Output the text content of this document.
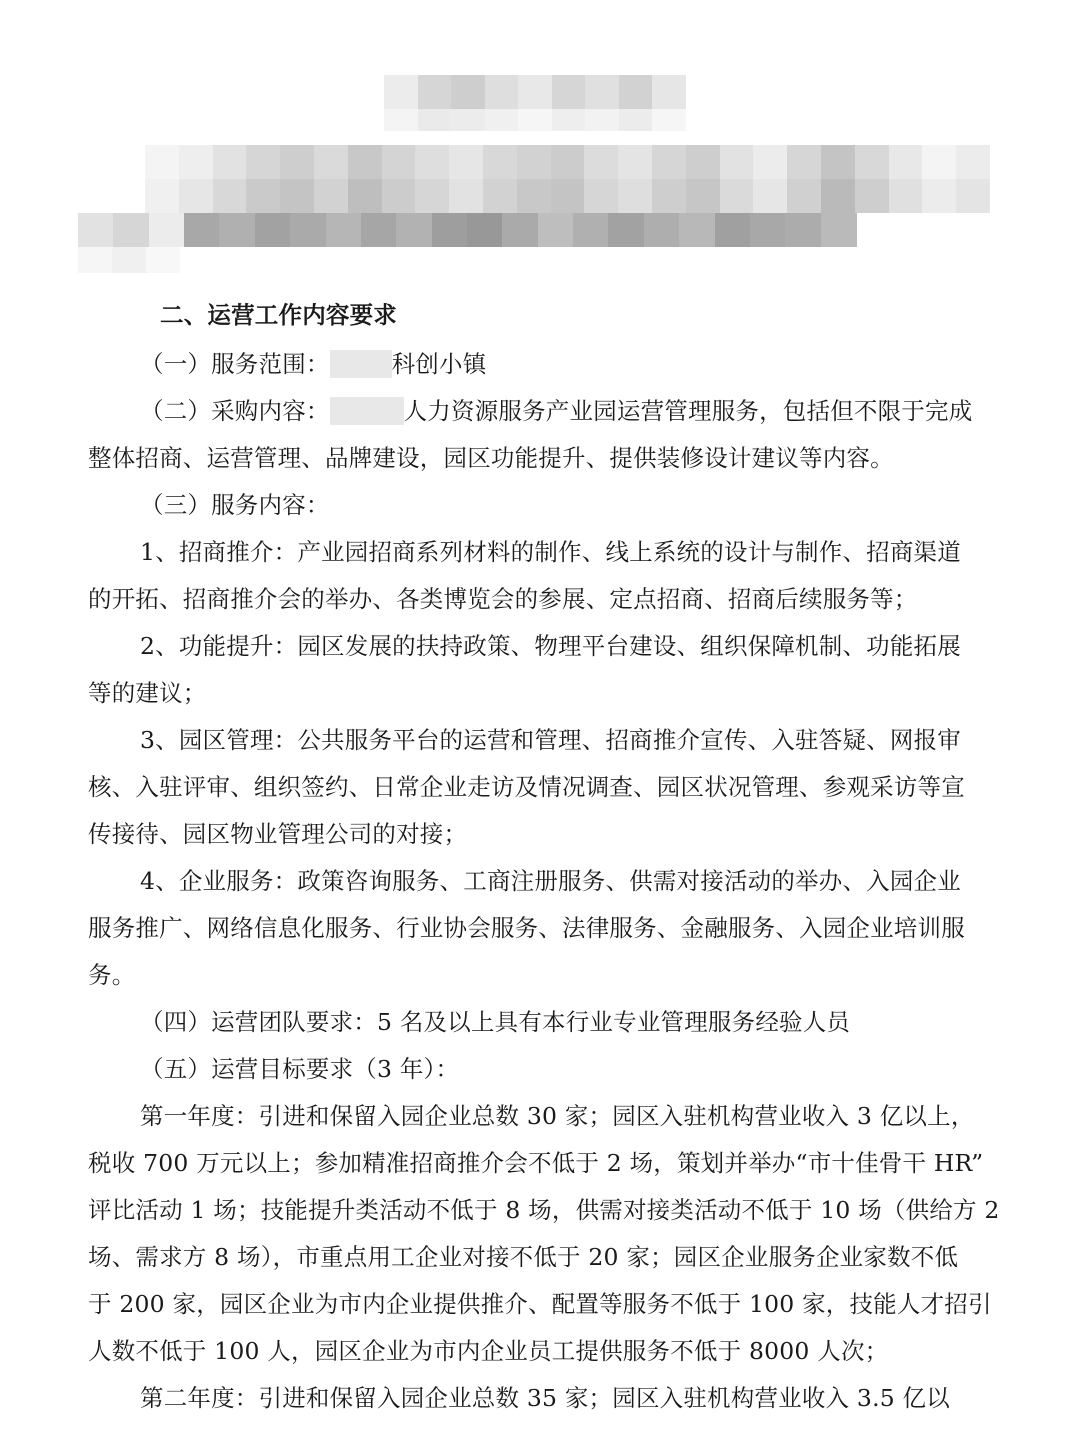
二、运营工作内容要求
（一）服务范围：	科创小镇
（二）采购内容：	人力资源服务产业园运营管理服务，包括但不限于完成
整体招商、运营管理、品牌建设，园区功能提升、提供装修设计建议等内容。
（三）服务内容：
1、招商推介：产业园招商系列材料的制作、线上系统的设计与制作、招商渠道
的开拓、招商推介会的举办、各类博览会的参展、定点招商、招商后续服务等；
2、功能提升：园区发展的扶持政策、物理平台建设、组织保障机制、功能拓展
等的建议；
3、园区管理：公共服务平台的运营和管理、招商推介宣传、入驻答疑、网报审
核、入驻评审、组织签约、日常企业走访及情况调查、园区状况管理、参观采访等宣
传接待、园区物业管理公司的对接；
4、企业服务：政策咨询服务、工商注册服务、供需对接活动的举办、入园企业
服务推广、网络信息化服务、行业协会服务、法律服务、金融服务、入园企业培训服
务。
（四）运营团队要求：5 名及以上具有本行业专业管理服务经验人员
（五）运营目标要求（3 年）：
第一年度：引进和保留入园企业总数 30 家；园区入驻机构营业收入 3 亿以上，
税收 700 万元以上；参加精准招商推介会不低于 2 场，策划并举办“市十佳骨干 HR”
评比活动 1 场；技能提升类活动不低于 8 场，供需对接类活动不低于 10 场（供给方 2
场、需求方 8 场），市重点用工企业对接不低于 20 家；园区企业服务企业家数不低
于 200 家，园区企业为市内企业提供推介、配置等服务不低于 100 家，技能人才招引
人数不低于 100 人，园区企业为市内企业员工提供服务不低于 8000 人次；
第二年度：引进和保留入园企业总数 35 家；园区入驻机构营业收入 3.5 亿以
